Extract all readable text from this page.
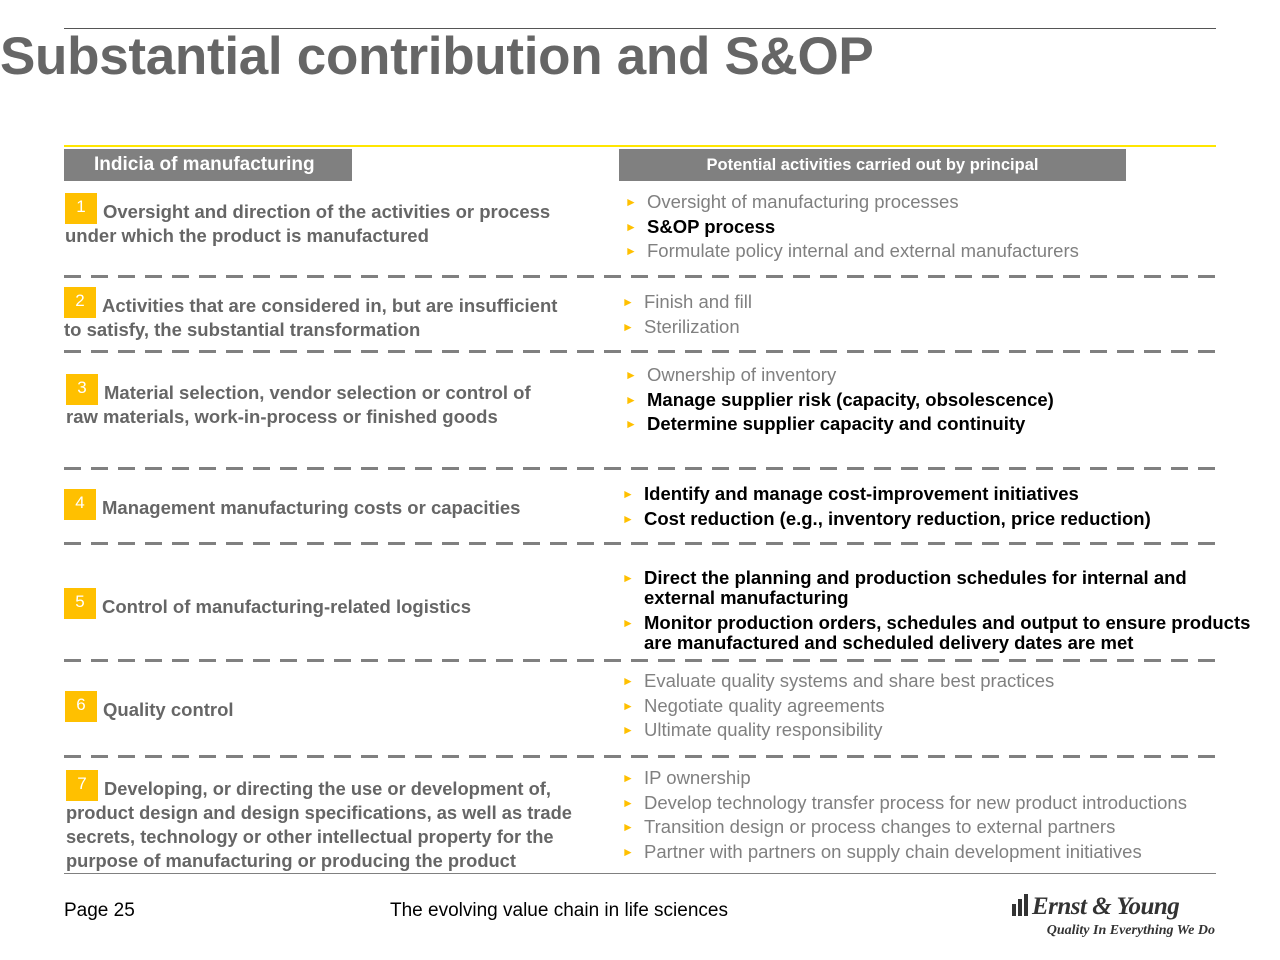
Substantial contribution and S&OP
Indicia of manufacturing	Potential activities carried out by principal
1 Oversight and direction of the activities or process under which the product is manufactured
► Oversight of manufacturing processes
► S&OP process
► Formulate policy internal and external manufacturers
2 Activities that are considered in, but are insufficient to satisfy, the substantial transformation
► Finish and fill
► Sterilization
3 Material selection, vendor selection or control of raw materials, work-in-process or finished goods
► Ownership of inventory
► Manage supplier risk (capacity, obsolescence)
► Determine supplier capacity and continuity
4 Management manufacturing costs or capacities
► Identify and manage cost-improvement initiatives
► Cost reduction (e.g., inventory reduction, price reduction)
5 Control of manufacturing-related logistics
► Direct the planning and production schedules for internal and external manufacturing
► Monitor production orders, schedules and output to ensure products are manufactured and scheduled delivery dates are met
6 Quality control
► Evaluate quality systems and share best practices
► Negotiate quality agreements
► Ultimate quality responsibility
7 Developing, or directing the use or development of, product design and design specifications, as well as trade secrets, technology or other intellectual property for the purpose of manufacturing or producing the product
► IP ownership
► Develop technology transfer process for new product introductions
► Transition design or process changes to external partners
► Partner with partners on supply chain development initiatives
Page 25	The evolving value chain in life sciences	Ernst & Young
Quality In Everything We Do
